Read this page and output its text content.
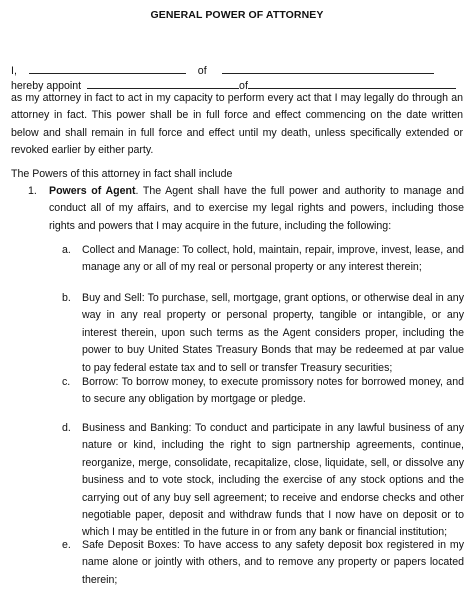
GENERAL POWER OF ATTORNEY
I,	of
hereby appoint	of
as my attorney in fact to act in my capacity to perform every act that I may legally do through an attorney in fact. This power shall be in full force and effect commencing on the date written below and shall remain in full force and effect until my death, unless specifically extended or revoked earlier by either party.
The Powers of this attorney in fact shall include
1. Powers of Agent. The Agent shall have the full power and authority to manage and conduct all of my affairs, and to exercise my legal rights and powers, including those rights and powers that I may acquire in the future, including the following:
a. Collect and Manage: To collect, hold, maintain, repair, improve, invest, lease, and manage any or all of my real or personal property or any interest therein;
b. Buy and Sell: To purchase, sell, mortgage, grant options, or otherwise deal in any way in any real property or personal property, tangible or intangible, or any interest therein, upon such terms as the Agent considers proper, including the power to buy United States Treasury Bonds that may be redeemed at par value to pay federal estate tax and to sell or transfer Treasury securities;
c. Borrow: To borrow money, to execute promissory notes for borrowed money, and to secure any obligation by mortgage or pledge.
d. Business and Banking: To conduct and participate in any lawful business of any nature or kind, including the right to sign partnership agreements, continue, reorganize, merge, consolidate, recapitalize, close, liquidate, sell, or dissolve any business and to vote stock, including the exercise of any stock options and the carrying out of any buy sell agreement; to receive and endorse checks and other negotiable paper, deposit and withdraw funds that I now have on deposit or to which I may be entitled in the future in or from any bank or financial institution;
e. Safe Deposit Boxes: To have access to any safety deposit box registered in my name alone or jointly with others, and to remove any property or papers located therein;
